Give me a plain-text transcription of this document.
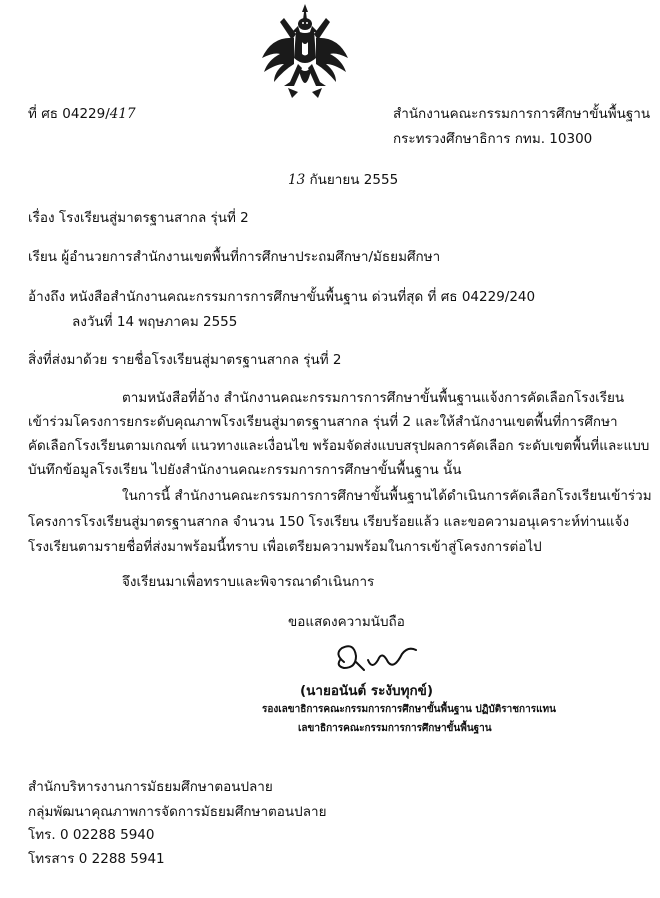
ที่ ศธ 04229/417	สำนักงานคณะกรรมการการศึกษาขั้นพื้นฐาน
กระทรวงศึกษาธิการ กทม. 10300
13 กันยายน 2555
เรื่อง โรงเรียนสู่มาตรฐานสากล รุ่นที่ 2
เรียน ผู้อำนวยการสำนักงานเขตพื้นที่การศึกษาประถมศึกษา/มัธยมศึกษา
อ้างถึง หนังสือสำนักงานคณะกรรมการการศึกษาขั้นพื้นฐาน ด่วนที่สุด ที่ ศธ 04229/240
ลงวันที่ 14 พฤษภาคม 2555
สิ่งที่ส่งมาด้วย รายชื่อโรงเรียนสู่มาตรฐานสากล รุ่นที่ 2
ตามหนังสือที่อ้าง สำนักงานคณะกรรมการการศึกษาขั้นพื้นฐานแจ้งการคัดเลือกโรงเรียน
เข้าร่วมโครงการยกระดับคุณภาพโรงเรียนสู่มาตรฐานสากล รุ่นที่ 2 และให้สำนักงานเขตพื้นที่การศึกษา
คัดเลือกโรงเรียนตามเกณฑ์ แนวทางและเงื่อนไข พร้อมจัดส่งแบบสรุปผลการคัดเลือก ระดับเขตพื้นที่และแบบ
บันทึกข้อมูลโรงเรียน ไปยังสำนักงานคณะกรรมการการศึกษาขั้นพื้นฐาน นั้น
ในการนี้ สำนักงานคณะกรรมการการศึกษาขั้นพื้นฐานได้ดำเนินการคัดเลือกโรงเรียนเข้าร่วม
โครงการโรงเรียนสู่มาตรฐานสากล จำนวน 150 โรงเรียน เรียบร้อยแล้ว และขอความอนุเคราะห์ท่านแจ้ง
โรงเรียนตามรายชื่อที่ส่งมาพร้อมนี้ทราบ เพื่อเตรียมความพร้อมในการเข้าสู่โครงการต่อไป
จึงเรียนมาเพื่อทราบและพิจารณาดำเนินการ
ขอแสดงความนับถือ
(นายอนันต์ ระงับทุกข์)
รองเลขาธิการคณะกรรมการการศึกษาขั้นพื้นฐาน ปฏิบัติราชการแทน
เลขาธิการคณะกรรมการการศึกษาขั้นพื้นฐาน
สำนักบริหารงานการมัธยมศึกษาตอนปลาย
กลุ่มพัฒนาคุณภาพการจัดการมัธยมศึกษาตอนปลาย
โทร. 0 02288 5940
โทรสาร 0 2288 5941
